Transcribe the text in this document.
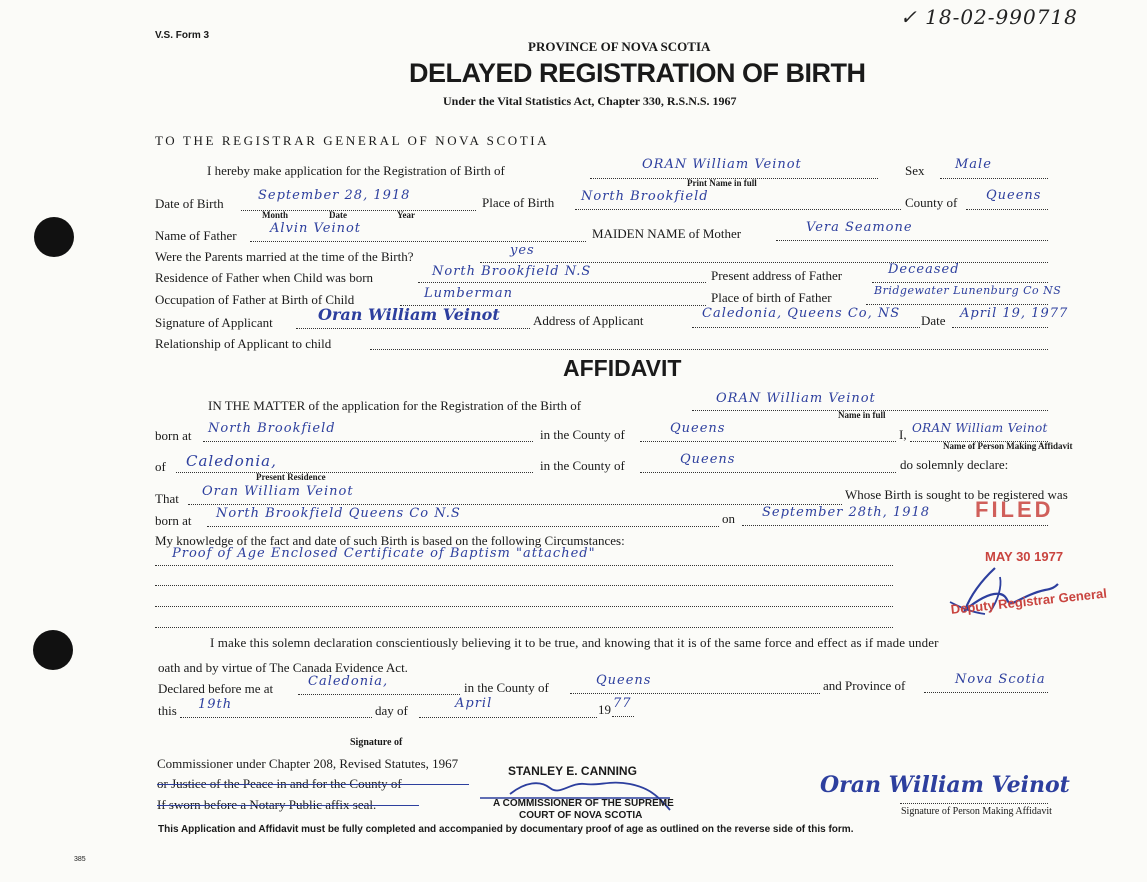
V.S. Form 3
✓ 18-02-990718
PROVINCE OF NOVA SCOTIA
DELAYED REGISTRATION OF BIRTH
Under the Vital Statistics Act, Chapter 330, R.S.N.S. 1967
TO THE REGISTRAR GENERAL OF NOVA SCOTIA
I hereby make application for the Registration of Birth of	ORAN William Veinot
Print Name in full
Sex Male
Date of Birth
September 28, 1918
Month	Date	Year
Place of Birth North Brookfield	County of Queens
Name of Father	Alvin Veinot	MAIDEN NAME of Mother	Vera Seamone
Were the Parents married at the time of the Birth?	yes
Residence of Father when Child was born	North Brookfield N.S	Present address of Father	Deceased
Occupation of Father at Birth of Child	Lumberman	Place of birth of Father	Bridgewater Lunenburg Co NS
Signature of Applicant	Oran William Veinot	Address of Applicant	Caledonia, Queens Co, NS Date April 19, 1977
Relationship of Applicant to child
AFFIDAVIT
IN THE MATTER of the application for the Registration of the Birth of	ORAN William Veinot
Name in full
born at North Brookfield	in the County of	Queens	I, ORAN William Veinot
Name of Person Making Affidavit
of Caledonia,
Present Residence
in the County of	Queens	do solemnly declare:
That Oran William Veinot	Whose Birth is sought to be registered was
born at North Brookfield Queens Co N.S	on September 28th, 1918 FILED
My knowledge of the fact and date of such Birth is based on the following Circumstances:
Proof of Age Enclosed Certificate of Baptism "attached"	MAY 30 1977
Deputy Registrar General
I make this solemn declaration conscientiously believing it to be true, and knowing that it is of the same force and effect as if made under
oath and by virtue of The Canada Evidence Act.
Declared before me at	Caledonia,	in the County of	Queens	and Province of	Nova Scotia
this 19th	day of	April	19 77
Signature of
Commissioner under Chapter 208, Revised Statutes, 1967
or Justice of the Peace in and for the County of
If sworn before a Notary Public affix seal.
STANLEY E. CANNING
A COMMISSIONER OF THE SUPREME
COURT OF NOVA SCOTIA
Oran William Veinot
Signature of Person Making Affidavit
This Application and Affidavit must be fully completed and accompanied by documentary proof of age as outlined on the reverse side of this form.
385
